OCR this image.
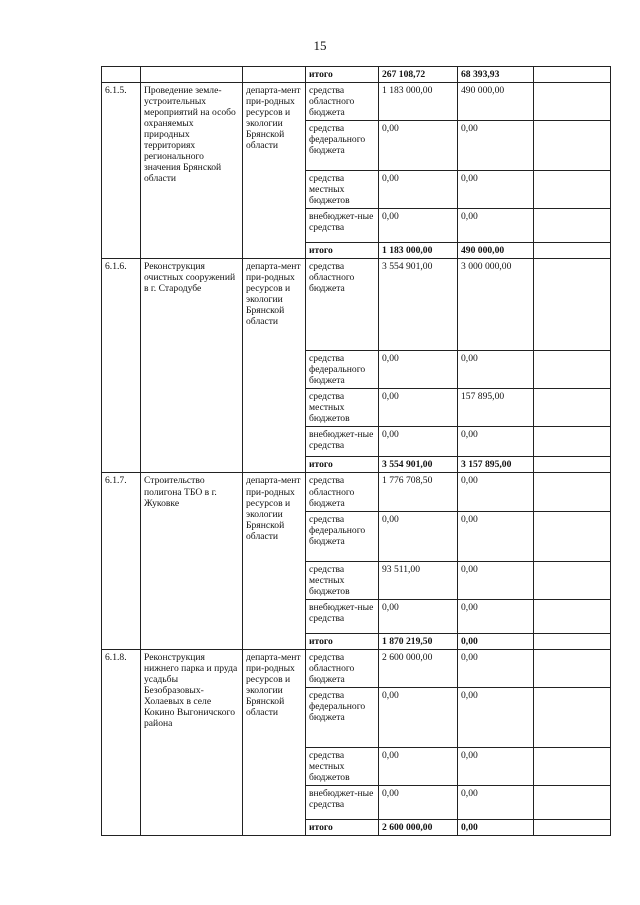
15
			итого	267 108,72	68 393,93	
6.1.5.	Проведение земле-устроительных мероприятий на особо охраняемых природных территориях регионального значения Брянской области	департа-мент при-родных ресурсов и экологии Брянской области	средства областного бюджета	1 183 000,00	490 000,00	
			средства федерального бюджета	0,00	0,00	
			средства местных бюджетов	0,00	0,00	
			внебюджет-ные средства	0,00	0,00	
			итого	1 183 000,00	490 000,00	
6.1.6.	Реконструкция очистных сооружений в г. Стародубе	департа-мент при-родных ресурсов и экологии Брянской области	средства областного бюджета	3 554 901,00	3 000 000,00	
			средства федерального бюджета	0,00	0,00	
			средства местных бюджетов	0,00	157 895,00	
			внебюджет-ные средства	0,00	0,00	
			итого	3 554 901,00	3 157 895,00	
6.1.7.	Строительство полигона ТБО в г. Жуковке	департа-мент при-родных ресурсов и экологии Брянской области	средства областного бюджета	1 776 708,50	0,00	
			средства федерального бюджета	0,00	0,00	
			средства местных бюджетов	93 511,00	0,00	
			внебюджет-ные средства	0,00	0,00	
			итого	1 870 219,50	0,00	
6.1.8.	Реконструкция нижнего парка и пруда усадьбы Безобразовых-Холаевых в селе Кокино Выгоничского района	департа-мент при-родных ресурсов и экологии Брянской области	средства областного бюджета	2 600 000,00	0,00	
			средства федерального бюджета	0,00	0,00	
			средства местных бюджетов	0,00	0,00	
			внебюджет-ные средства	0,00	0,00	
			итого	2 600 000,00	0,00	
